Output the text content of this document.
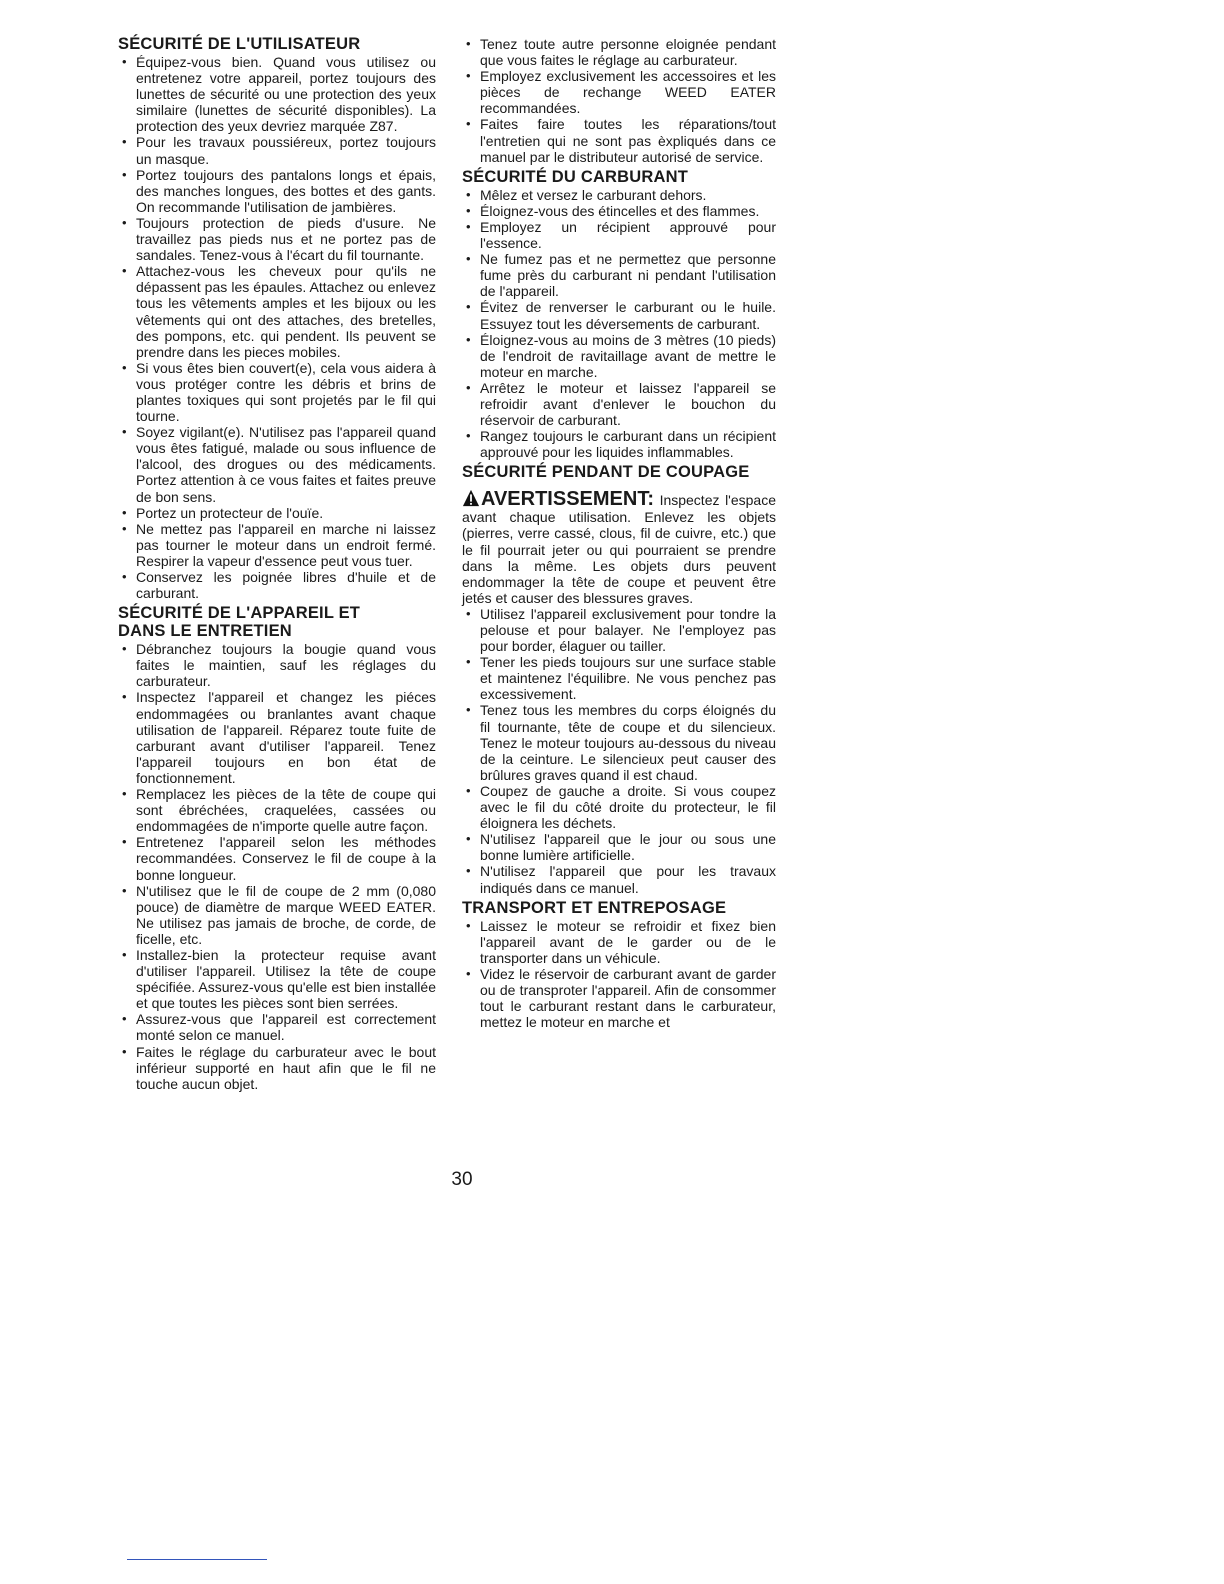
SÉCURITÉ DE L'UTILISATEUR
• Équipez-vous bien. Quand vous utilisez ou entretenez votre appareil, portez toujours des lunettes de sécurité ou une protection des yeux similaire (lunettes de sécurité disponibles). La protection des yeux devriez marquée Z87.
• Pour les travaux poussiéreux, portez toujours un masque.
• Portez toujours des pantalons longs et épais, des manches longues, des bottes et des gants. On recommande l'utilisation de jambières.
• Toujours protection de pieds d'usure. Ne travaillez pas pieds nus et ne portez pas de sandales. Tenez-vous à l'écart du fil tournante.
• Attachez-vous les cheveux pour qu'ils ne dépassent pas les épaules. Attachez ou enlevez tous les vêtements amples et les bijoux ou les vêtements qui ont des attaches, des bretelles, des pompons, etc. qui pendent. Ils peuvent se prendre dans les pieces mobiles.
• Si vous êtes bien couvert(e), cela vous aidera à vous protéger contre les débris et brins de plantes toxiques qui sont projetés par le fil qui tourne.
• Soyez vigilant(e). N'utilisez pas l'appareil quand vous êtes fatigué, malade ou sous influence de l'alcool, des drogues ou des médicaments. Portez attention à ce vous faites et faites preuve de bon sens.
• Portez un protecteur de l'ouïe.
• Ne mettez pas l'appareil en marche ni laissez pas tourner le moteur dans un endroit fermé. Respirer la vapeur d'essence peut vous tuer.
• Conservez les poignée libres d'huile et de carburant.
SÉCURITÉ DE L'APPAREIL ET
DANS LE ENTRETIEN
• Débranchez toujours la bougie quand vous faites le maintien, sauf les réglages du carburateur.
• Inspectez l'appareil et changez les piéces endommagées ou branlantes avant chaque utilisation de l'appareil. Réparez toute fuite de carburant avant d'utiliser l'appareil. Tenez l'appareil toujours en bon état de fonctionnement.
• Remplacez les pièces de la tête de coupe qui sont ébréchées, craquelées, cassées ou endommagées de n'importe quelle autre façon.
• Entretenez l'appareil selon les méthodes recommandées. Conservez le fil de coupe à la bonne longueur.
• N'utilisez que le fil de coupe de 2 mm (0,080 pouce) de diamètre de marque WEED EATER. Ne utilisez pas jamais de broche, de corde, de ficelle, etc.
• Installez-bien la protecteur requise avant d'utiliser l'appareil. Utilisez la tête de coupe spécifiée. Assurez-vous qu'elle est bien installée et que toutes les pièces sont bien serrées.
• Assurez-vous que l'appareil est correctement monté selon ce manuel.
• Faites le réglage du carburateur avec le bout inférieur supporté en haut afin que le fil ne touche aucun objet.
• Tenez toute autre personne eloignée pendant que vous faites le réglage au carburateur.
• Employez exclusivement les accessoires et les pièces de rechange WEED EATER recommandées.
• Faites faire toutes les réparations/tout l'entretien qui ne sont pas èxpliqués dans ce manuel par le distributeur autorisé de service.
SÉCURITÉ DU CARBURANT
• Mêlez et versez le carburant dehors.
• Éloignez-vous des étincelles et des flammes.
• Employez un récipient approuvé pour l'essence.
• Ne fumez pas et ne permettez que personne fume près du carburant ni pendant l'utilisation de l'appareil.
• Évitez de renverser le carburant ou le huile. Essuyez tout les déversements de carburant.
• Éloignez-vous au moins de 3 mètres (10 pieds) de l'endroit de ravitaillage avant de mettre le moteur en marche.
• Arrêtez le moteur et laissez l'appareil se refroidir avant d'enlever le bouchon du réservoir de carburant.
• Rangez toujours le carburant dans un récipient approuvé pour les liquides inflammables.
SÉCURITÉ PENDANT DE COUPAGE

AVERTISSEMENT: Inspectez l'espace avant chaque utilisation. Enlevez les objets (pierres, verre cassé, clous, fil de cuivre, etc.) que le fil pourrait jeter ou qui pourraient se prendre dans la même. Les objets durs peuvent endommager la tête de coupe et peuvent être jetés et causer des blessures graves.

• Utilisez l'appareil exclusivement pour tondre la pelouse et pour balayer. Ne l'employez pas pour border, élaguer ou tailler.
• Tener les pieds toujours sur une surface stable et maintenez l'équilibre. Ne vous penchez pas excessivement.
• Tenez tous les membres du corps éloignés du fil tournante, tête de coupe et du silencieux. Tenez le moteur toujours au-dessous du niveau de la ceinture. Le silencieux peut causer des brûlures graves quand il est chaud.
• Coupez de gauche a droite. Si vous coupez avec le fil du côté droite du protecteur, le fil éloignera les déchets.
• N'utilisez l'appareil que le jour ou sous une bonne lumière artificielle.
• N'utilisez l'appareil que pour les travaux indiqués dans ce manuel.
TRANSPORT ET ENTREPOSAGE
• Laissez le moteur se refroidir et fixez bien l'appareil avant de le garder ou de le transporter dans un véhicule.
• Videz le réservoir de carburant avant de garder ou de transproter l'appareil. Afin de consommer tout le carburant restant dans le carburateur, mettez le moteur en marche et
30
